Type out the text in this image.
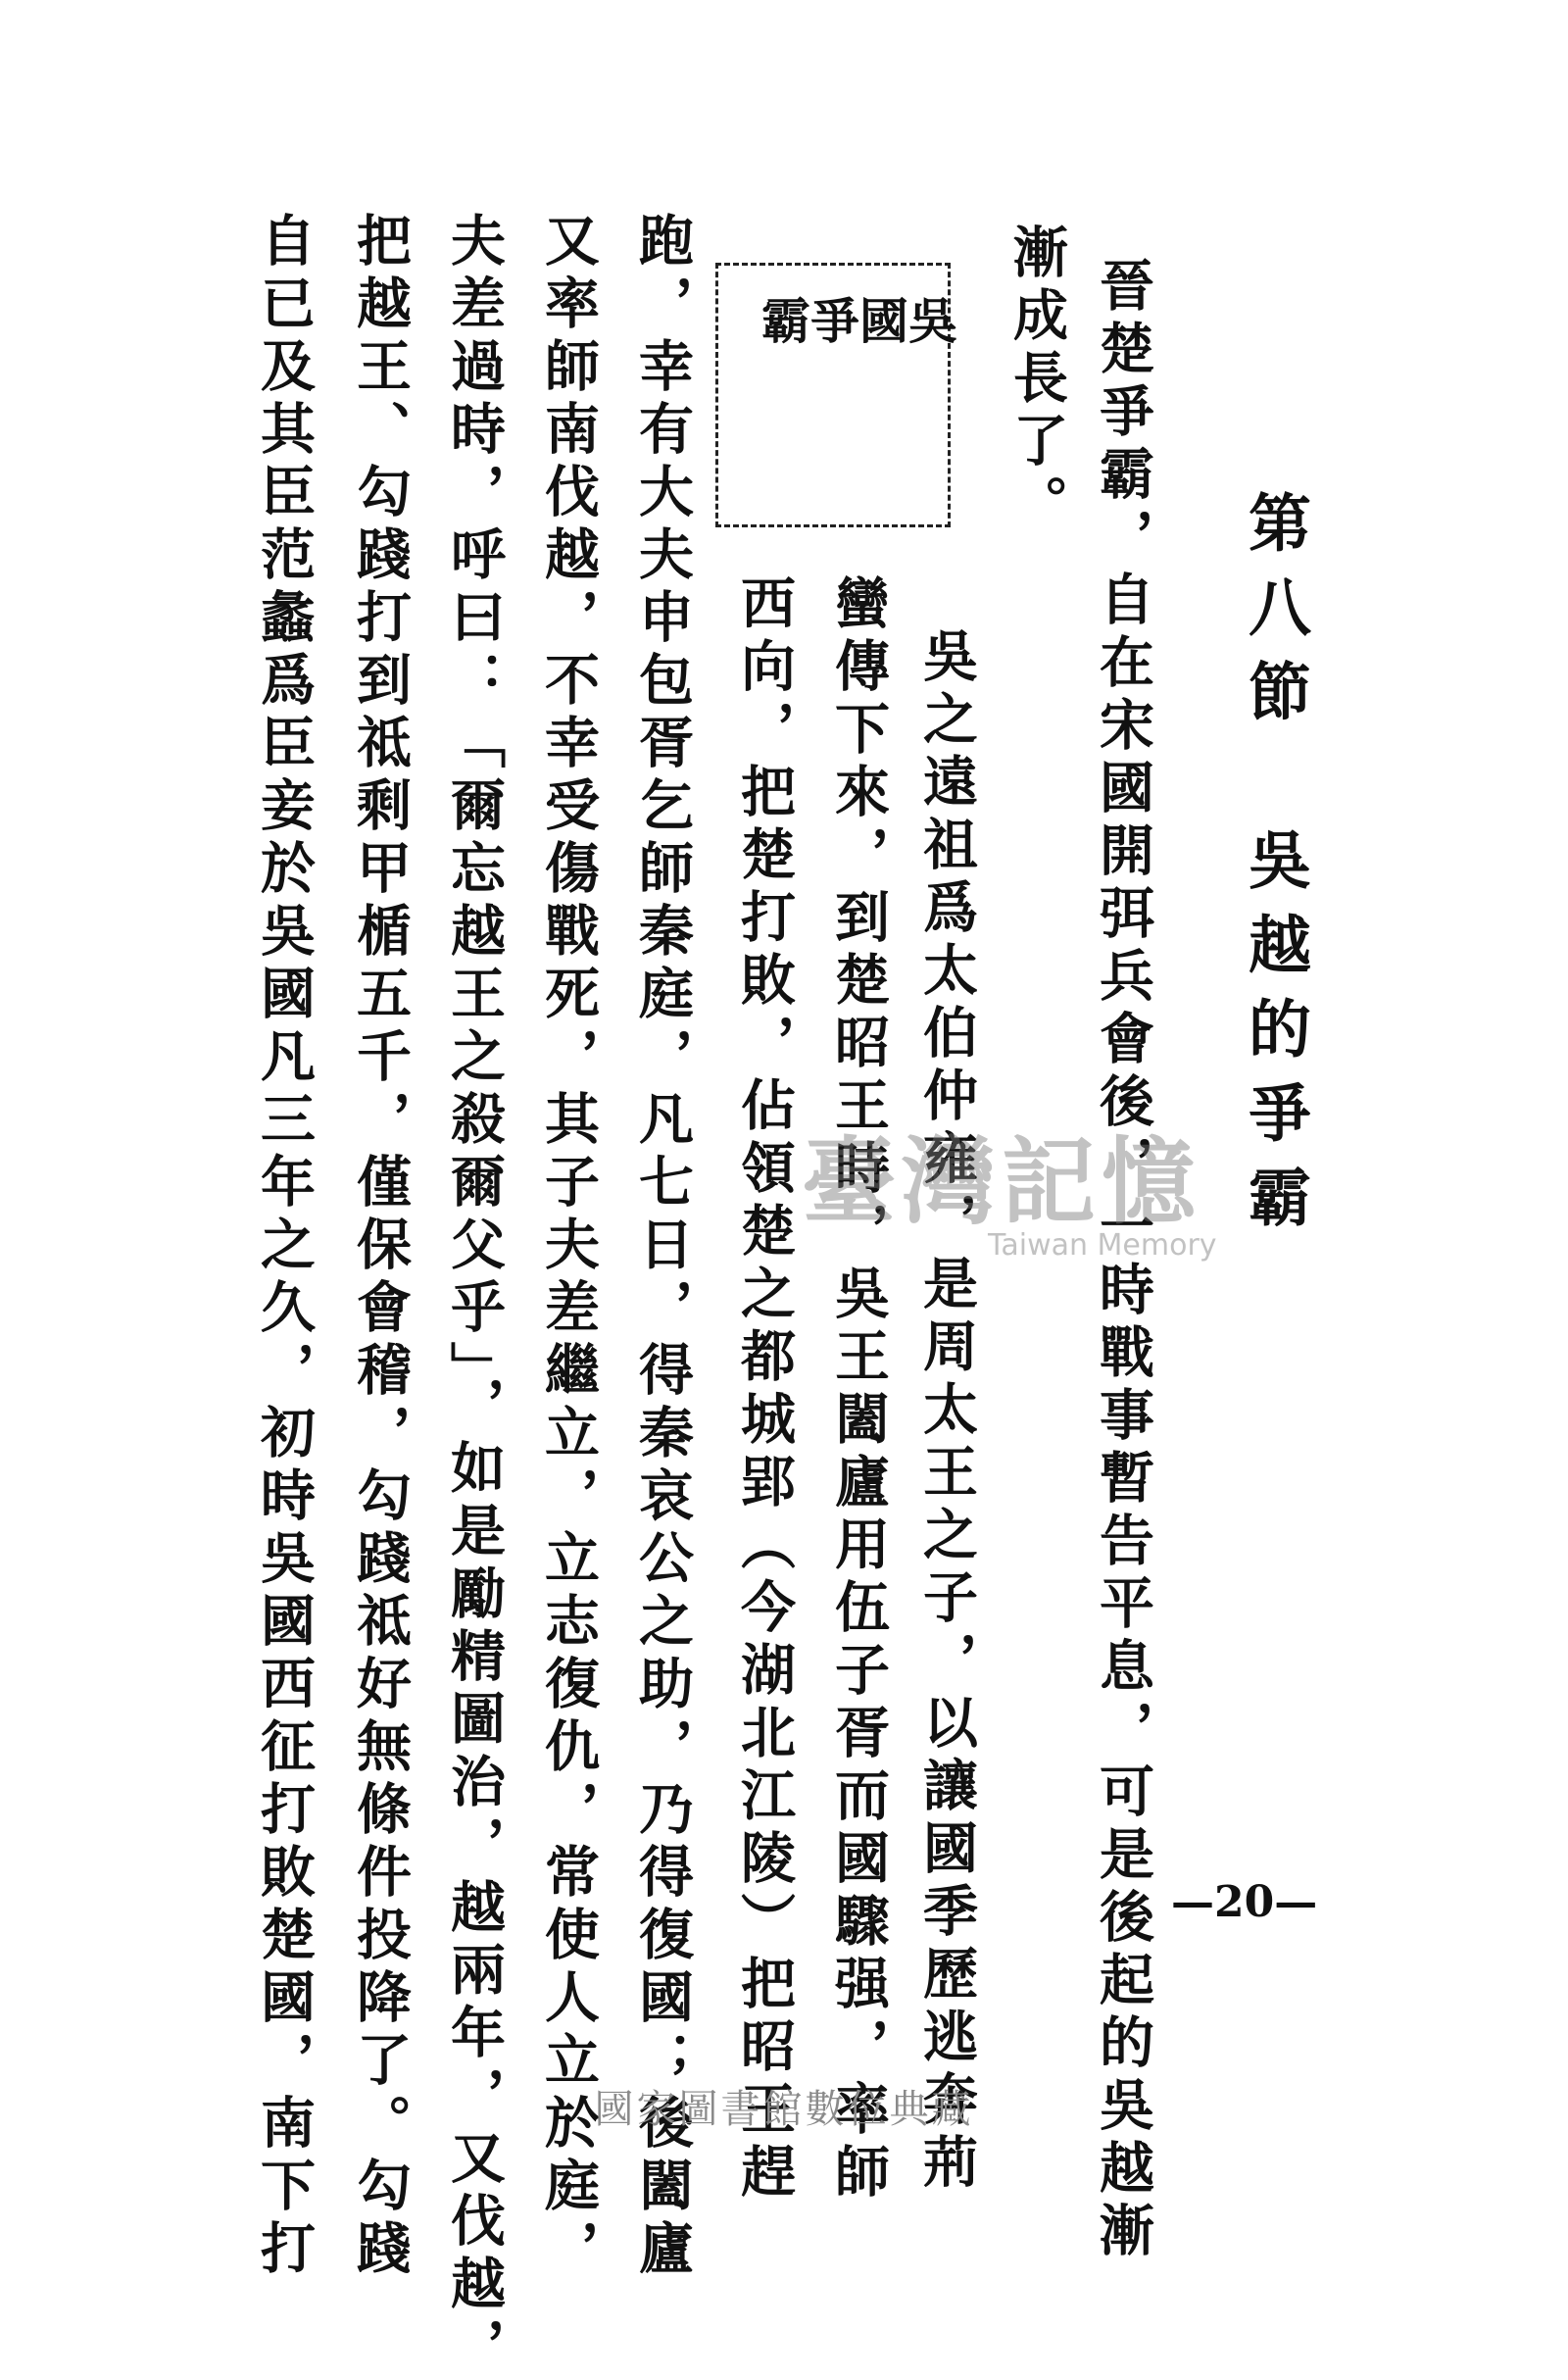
第八節　吳越的爭霸
晉楚爭霸，自在宋國開弭兵會後，一時戰事暫告平息，可是後起的吳越漸
漸成長了。
吳國
爭霸
吳之遠祖爲太伯仲雍，是周太王之子，以讓國季歷逃奔荊
蠻傳下來，到楚昭王時，吳王闔廬用伍子胥而國驟强，率師
西向，把楚打敗，佔領楚之都城郢（今湖北江陵）把昭王趕
跑，幸有大夫申包胥乞師秦庭，凡七日，得秦哀公之助，乃得復國；後闔廬
又率師南伐越，不幸受傷戰死，其子夫差繼立，立志復仇，常使人立於庭，
夫差過時，呼曰：「爾忘越王之殺爾父乎」，如是勵精圖治，越兩年，又伐越，
把越王、勾踐打到祗剩甲楯五千，僅保會稽，勾踐祗好無條件投降了。勾踐
自已及其臣范蠡爲臣妾於吳國凡三年之久，初時吳國西征打敗楚國，南下打	—20—
臺灣記憶
Taiwan Memory
國家圖書館數位典藏
